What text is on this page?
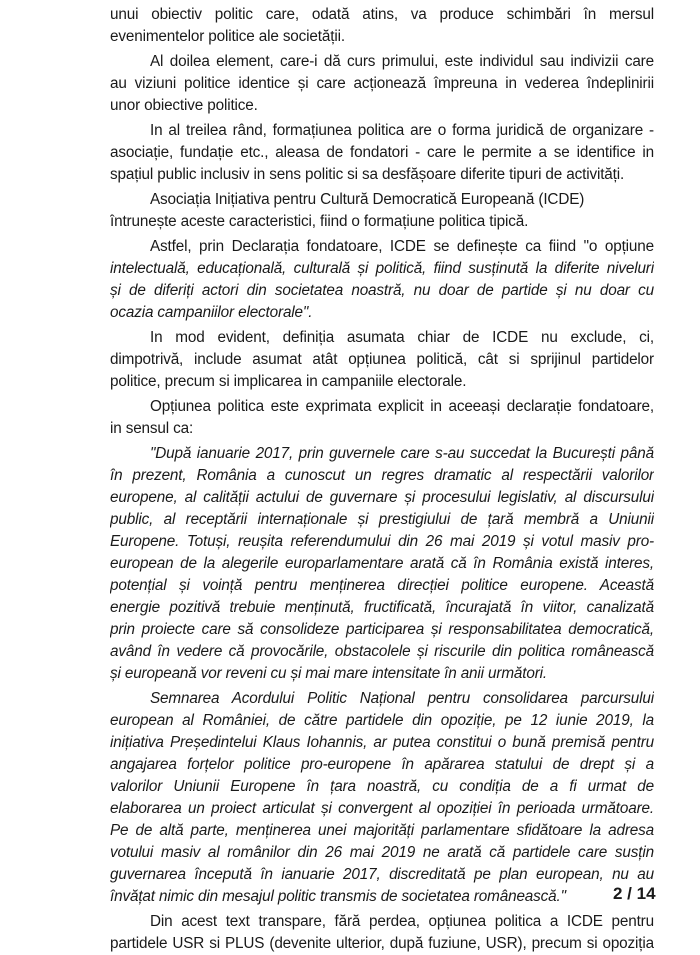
unui obiectiv politic care, odată atins, va produce schimbări în mersul
evenimentelor politice ale societății.
Al doilea element, care-i dă curs primului, este individul sau indivizii care
au viziuni politice identice și care acționează împreuna in vederea îndeplinirii
unor obiective politice.
In al treilea rând, formațiunea politica are o forma juridică de organizare -
asociație, fundație etc., aleasa de fondatori - care le permite a se identifice in
spațiul public inclusiv in sens politic si sa desfășoare diferite tipuri de activități.
Asociația Inițiativa pentru Cultură Democratică Europeană (ICDE)
întrunește aceste caracteristici, fiind o formațiune politica tipică.
Astfel, prin Declarația fondatoare, ICDE se definește ca fiind "o opțiune
intelectuală, educațională, culturală și politică, fiind susținută la diferite niveluri
și de diferiți actori din societatea noastră, nu doar de partide și nu doar cu
ocazia campaniilor electorale".
In mod evident, definiția asumata chiar de ICDE nu exclude, ci,
dimpotrivă, include asumat atât opțiunea politică, cât si sprijinul partidelor
politice, precum si implicarea in campaniile electorale.
Opțiunea politica este exprimata explicit in aceeași declarație fondatoare,
in sensul ca:
"După ianuarie 2017, prin guvernele care s-au succedat la București până
în prezent, România a cunoscut un regres dramatic al respectării valorilor
europene, al calității actului de guvernare și procesului legislativ, al discursului
public, al receptării internaționale și prestigiului de țară membră a Uniunii
Europene. Totuși, reușita referendumului din 26 mai 2019 și votul masiv pro-
european de la alegerile europarlamentare arată că în România există interes,
potențial și voință pentru menținerea direcției politice europene. Această
energie pozitivă trebuie menținută, fructificată, încurajată în viitor, canalizată
prin proiecte care să consolideze participarea și responsabilitatea democratică,
având în vedere că provocările, obstacolele și riscurile din politica românească
și europeană vor reveni cu și mai mare intensitate în anii următori.
Semnarea Acordului Politic Național pentru consolidarea parcursului
european al României, de către partidele din opoziție, pe 12 iunie 2019, la
inițiativa Președintelui Klaus Iohannis, ar putea constitui o bună premisă pentru
angajarea forțelor politice pro-europene în apărarea statului de drept și a
valorilor Uniunii Europene în țara noastră, cu condiția de a fi urmat de
elaborarea un proiect articulat și convergent al opoziției în perioada următoare.
Pe de altă parte, menținerea unei majorități parlamentare sfidătoare la adresa
votului masiv al românilor din 26 mai 2019 ne arată că partidele care susțin
guvernarea începută în ianuarie 2017, discreditată pe plan european, nu au
învățat nimic din mesajul politic transmis de societatea românească."
Din acest text transpare, fără perdea, opțiunea politica a ICDE pentru
partidele USR si PLUS (devenite ulterior, după fuziune, USR), precum si opoziția
2 / 14
